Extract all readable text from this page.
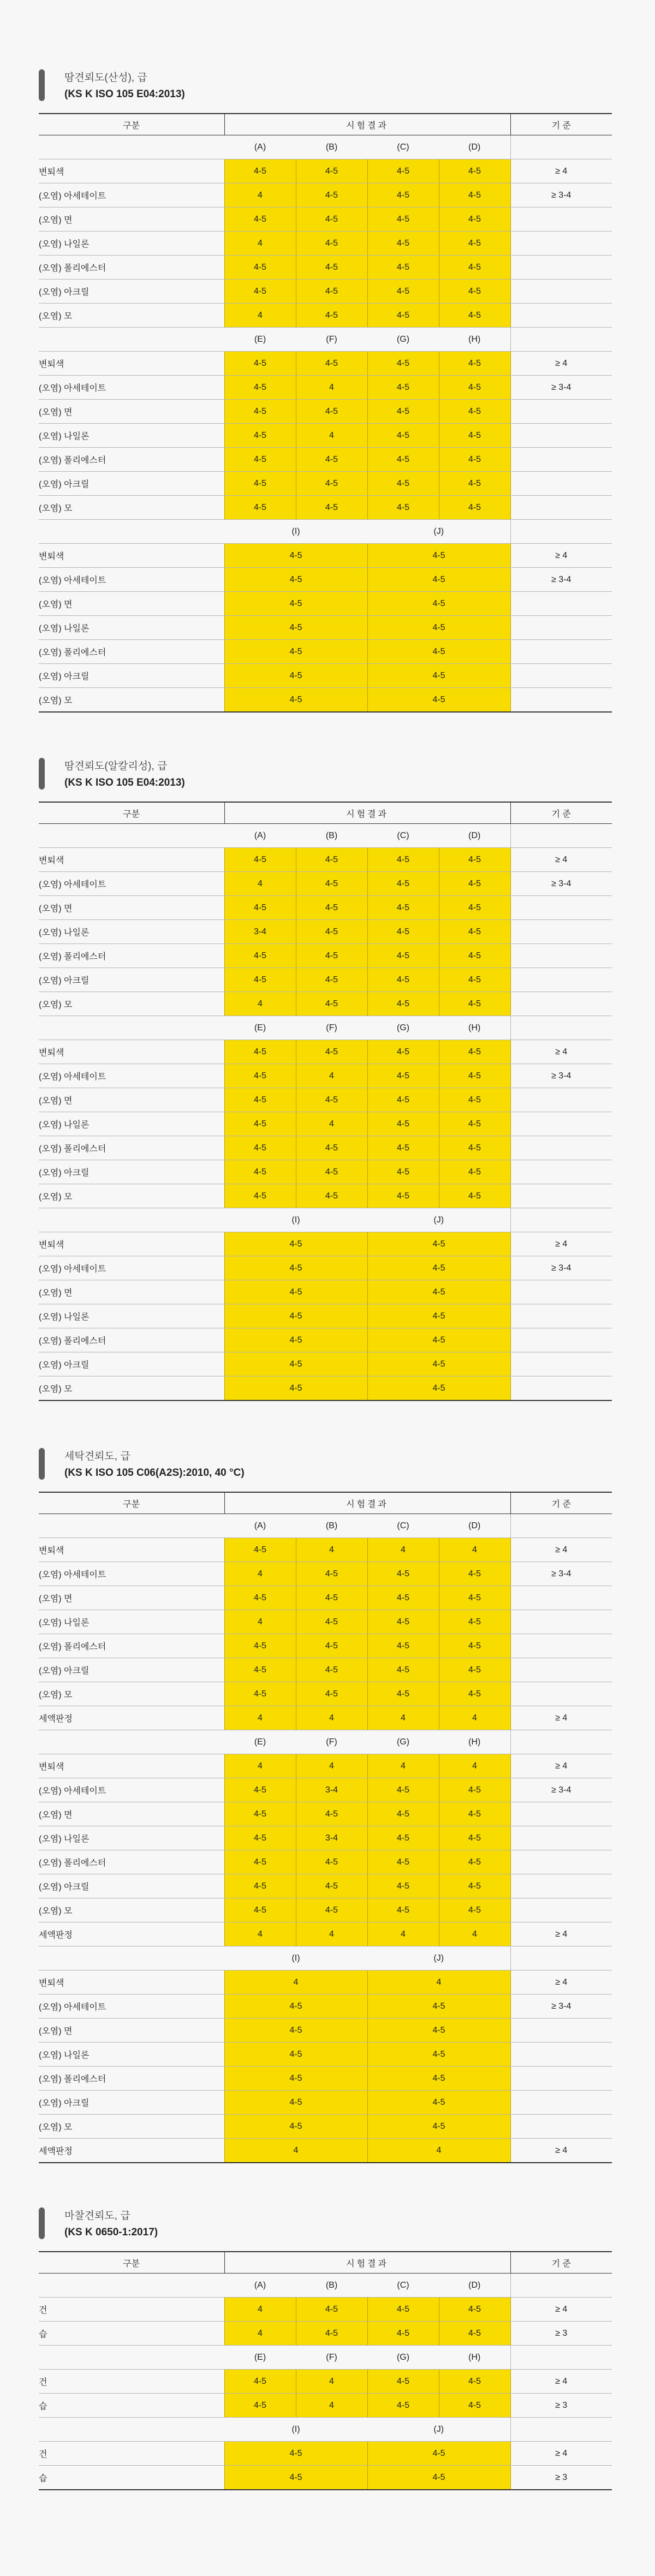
땀견뢰도(산성), 급
(KS K ISO 105 E04:2013)
구분	시험결과				기 준
	(A)	(B)	(C)	(D)	
변퇴색	4-5	4-5	4-5	4-5	≥ 4
(오염) 아세테이트	4	4-5	4-5	4-5	≥ 3-4
(오염) 면	4-5	4-5	4-5	4-5	
(오염) 나일론	4	4-5	4-5	4-5	
(오염) 폴리에스터	4-5	4-5	4-5	4-5	
(오염) 아크릴	4-5	4-5	4-5	4-5	
(오염) 모	4	4-5	4-5	4-5	
	(E)	(F)	(G)	(H)	
변퇴색	4-5	4-5	4-5	4-5	≥ 4
(오염) 아세테이트	4-5	4	4-5	4-5	≥ 3-4
(오염) 면	4-5	4-5	4-5	4-5	
(오염) 나일론	4-5	4	4-5	4-5	
(오염) 폴리에스터	4-5	4-5	4-5	4-5	
(오염) 아크릴	4-5	4-5	4-5	4-5	
(오염) 모	4-5	4-5	4-5	4-5	
	(I)		(J)		
변퇴색	4-5		4-5		≥ 4
(오염) 아세테이트	4-5		4-5		≥ 3-4
(오염) 면	4-5		4-5		
(오염) 나일론	4-5		4-5		
(오염) 폴리에스터	4-5		4-5		
(오염) 아크릴	4-5		4-5		
(오염) 모	4-5		4-5		
땀견뢰도(알칼리성), 급
(KS K ISO 105 E04:2013)
구분	시험결과				기 준
	(A)	(B)	(C)	(D)	
변퇴색	4-5	4-5	4-5	4-5	≥ 4
(오염) 아세테이트	4	4-5	4-5	4-5	≥ 3-4
(오염) 면	4-5	4-5	4-5	4-5	
(오염) 나일론	3-4	4-5	4-5	4-5	
(오염) 폴리에스터	4-5	4-5	4-5	4-5	
(오염) 아크릴	4-5	4-5	4-5	4-5	
(오염) 모	4	4-5	4-5	4-5	
	(E)	(F)	(G)	(H)	
변퇴색	4-5	4-5	4-5	4-5	≥ 4
(오염) 아세테이트	4-5	4	4-5	4-5	≥ 3-4
(오염) 면	4-5	4-5	4-5	4-5	
(오염) 나일론	4-5	4	4-5	4-5	
(오염) 폴리에스터	4-5	4-5	4-5	4-5	
(오염) 아크릴	4-5	4-5	4-5	4-5	
(오염) 모	4-5	4-5	4-5	4-5	
	(I)		(J)		
변퇴색	4-5		4-5		≥ 4
(오염) 아세테이트	4-5		4-5		≥ 3-4
(오염) 면	4-5		4-5		
(오염) 나일론	4-5		4-5		
(오염) 폴리에스터	4-5		4-5		
(오염) 아크릴	4-5		4-5		
(오염) 모	4-5		4-5		
세탁견뢰도, 급
(KS K ISO 105 C06(A2S):2010, 40 °C)
구분	시험결과				기 준
	(A)	(B)	(C)	(D)	
변퇴색	4-5	4	4	4	≥ 4
(오염) 아세테이트	4	4-5	4-5	4-5	≥ 3-4
(오염) 면	4-5	4-5	4-5	4-5	
(오염) 나일론	4	4-5	4-5	4-5	
(오염) 폴리에스터	4-5	4-5	4-5	4-5	
(오염) 아크릴	4-5	4-5	4-5	4-5	
(오염) 모	4-5	4-5	4-5	4-5	
세액판정	4	4	4	4	≥ 4
	(E)	(F)	(G)	(H)	
변퇴색	4	4	4	4	≥ 4
(오염) 아세테이트	4-5	3-4	4-5	4-5	≥ 3-4
(오염) 면	4-5	4-5	4-5	4-5	
(오염) 나일론	4-5	3-4	4-5	4-5	
(오염) 폴리에스터	4-5	4-5	4-5	4-5	
(오염) 아크릴	4-5	4-5	4-5	4-5	
(오염) 모	4-5	4-5	4-5	4-5	
세액판정	4	4	4	4	≥ 4
	(I)		(J)		
변퇴색	4		4		≥ 4
(오염) 아세테이트	4-5		4-5		≥ 3-4
(오염) 면	4-5		4-5		
(오염) 나일론	4-5		4-5		
(오염) 폴리에스터	4-5		4-5		
(오염) 아크릴	4-5		4-5		
(오염) 모	4-5		4-5		
세액판정	4		4		≥ 4
마찰견뢰도, 급
(KS K 0650-1:2017)
구분	시험결과				기 준
	(A)	(B)	(C)	(D)	
건	4	4-5	4-5	4-5	≥ 4
습	4	4-5	4-5	4-5	≥ 3
	(E)	(F)	(G)	(H)	
건	4-5	4	4-5	4-5	≥ 4
습	4-5	4	4-5	4-5	≥ 3
	(I)		(J)		
건	4-5		4-5		≥ 4
습	4-5		4-5		≥ 3
